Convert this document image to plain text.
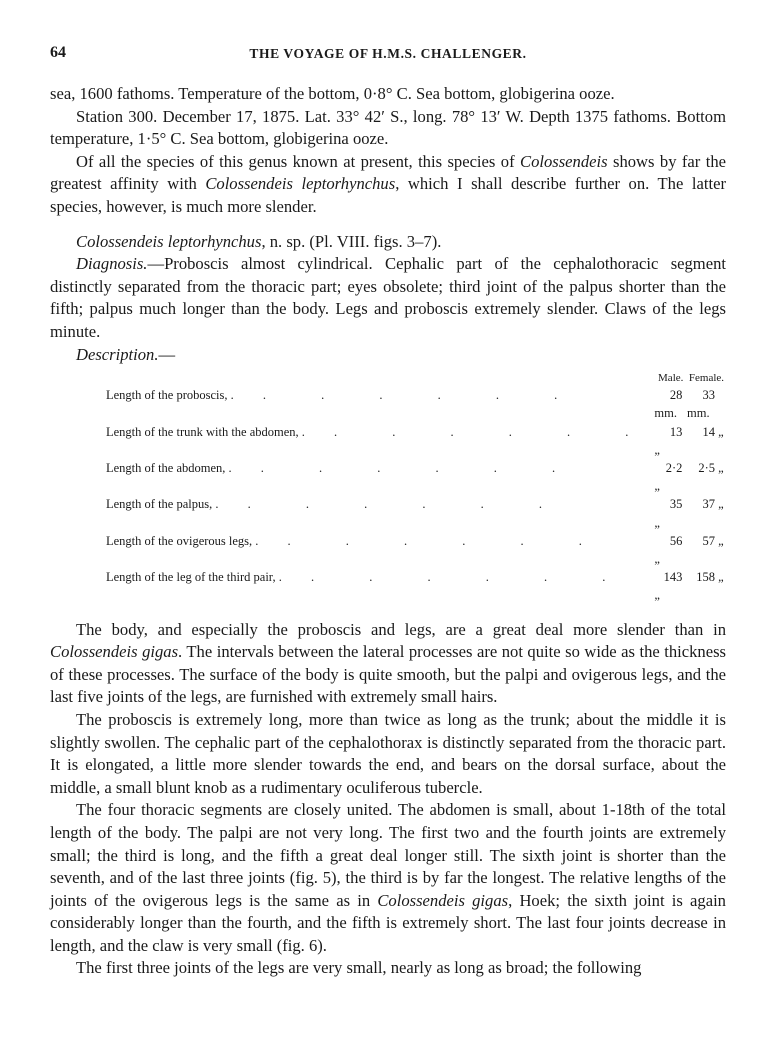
64	THE VOYAGE OF H.M.S. CHALLENGER.

sea, 1600 fathoms. Temperature of the bottom, 0·8° C. Sea bottom, globigerina ooze.

Station 300. December 17, 1875. Lat. 33° 42′ S., long. 78° 13′ W. Depth 1375 fathoms. Bottom temperature, 1·5° C. Sea bottom, globigerina ooze.

Of all the species of this genus known at present, this species of Colossendeis shows by far the greatest affinity with Colossendeis leptorhynchus, which I shall describe further on. The latter species, however, is much more slender.

Colossendeis leptorhynchus, n. sp. (Pl. VIII. figs. 3–7).

Diagnosis.—Proboscis almost cylindrical. Cephalic part of the cephalothoracic segment distinctly separated from the thoracic part; eyes obsolete; third joint of the palpus shorter than the fifth; palpus much longer than the body. Legs and proboscis extremely slender. Claws of the legs minute.

Description.—

	Male.	Female.
Length of the proboscis, . . . . . . .	28 mm.	33 mm.
Length of the trunk with the abdomen, . . . . . . .	13 „	14 „
Length of the abdomen, . . . . . . .	2·2 „	2·5 „
Length of the palpus, . . . . . . .	35 „	37 „
Length of the ovigerous legs, . . . . . . .	56 „	57 „
Length of the leg of the third pair, . . . . . . .	143 „	158 „

The body, and especially the proboscis and legs, are a great deal more slender than in Colossendeis gigas. The intervals between the lateral processes are not quite so wide as the thickness of these processes. The surface of the body is quite smooth, but the palpi and ovigerous legs, and the last five joints of the legs, are furnished with extremely small hairs.

The proboscis is extremely long, more than twice as long as the trunk; about the middle it is slightly swollen. The cephalic part of the cephalothorax is distinctly separated from the thoracic part. It is elongated, a little more slender towards the end, and bears on the dorsal surface, about the middle, a small blunt knob as a rudimentary oculiferous tubercle.

The four thoracic segments are closely united. The abdomen is small, about 1-18th of the total length of the body. The palpi are not very long. The first two and the fourth joints are extremely small; the third is long, and the fifth a great deal longer still. The sixth joint is shorter than the seventh, and of the last three joints (fig. 5), the third is by far the longest. The relative lengths of the joints of the ovigerous legs is the same as in Colossendeis gigas, Hoek; the sixth joint is again considerably longer than the fourth, and the fifth is extremely short. The last four joints decrease in length, and the claw is very small (fig. 6).

The first three joints of the legs are very small, nearly as long as broad; the following
